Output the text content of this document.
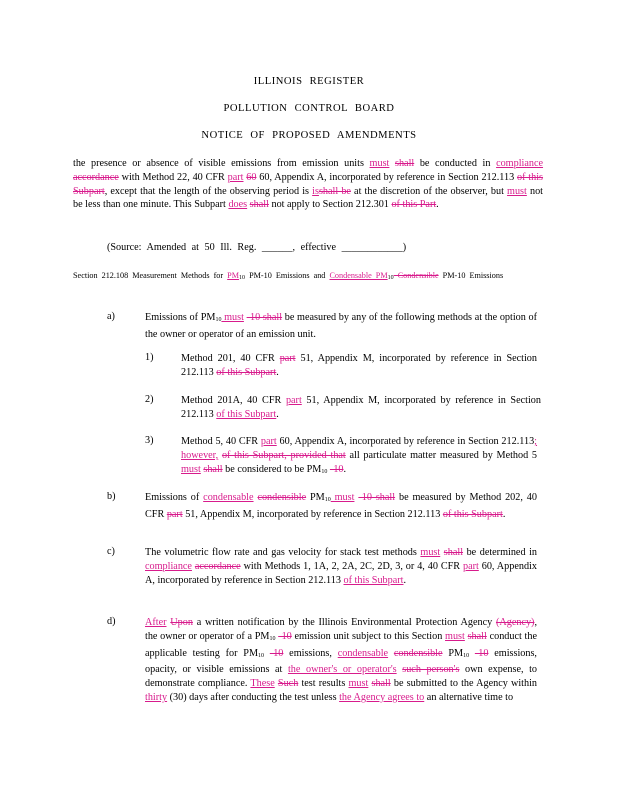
ILLINOIS REGISTER
POLLUTION CONTROL BOARD
NOTICE OF PROPOSED AMENDMENTS
the presence or absence of visible emissions from emission units must shall be conducted in compliance accordance with Method 22, 40 CFR part 60 60, Appendix A, incorporated by reference in Section 212.113 of this Subpart, except that the length of the observing period is isshall be at the discretion of the observer, but must not be less than one minute. This Subpart does shall not apply to Section 212.301 of this Part.
(Source: Amended at 50 Ill. Reg. ______, effective ____________)
Section 212.108 Measurement Methods for PM10 PM-10 Emissions and Condensable PM10 Condensible PM-10 Emissions
a)	Emissions of PM10 must -10 shall be measured by any of the following methods at the option of the owner or operator of an emission unit.
1)	Method 201, 40 CFR part 51, Appendix M, incorporated by reference in Section 212.113 of this Subpart.
2)	Method 201A, 40 CFR part 51, Appendix M, incorporated by reference in Section 212.113 of this Subpart.
3)	Method 5, 40 CFR part 60, Appendix A, incorporated by reference in Section 212.113; however, of this Subpart, provided that all particulate matter measured by Method 5 must shall be considered to be PM10 -10.
b)	Emissions of condensable condensible PM10 must -10 shall be measured by Method 202, 40 CFR part 51, Appendix M, incorporated by reference in Section 212.113 of this Subpart.
c)	The volumetric flow rate and gas velocity for stack test methods must shall be determined in compliance accordance with Methods 1, 1A, 2, 2A, 2C, 2D, 3, or 4, 40 CFR part 60, Appendix A, incorporated by reference in Section 212.113 of this Subpart.
d)	After Upon a written notification by the Illinois Environmental Protection Agency (Agency), the owner or operator of a PM10 -10 emission unit subject to this Section must shall conduct the applicable testing for PM10 -10 emissions, condensable condensible PM10 -10 emissions, opacity, or visible emissions at the owner's or operator's such person's own expense, to demonstrate compliance. These Such test results must shall be submitted to the Agency within thirty (30) days after conducting the test unless the Agency agrees to an alternative time to
